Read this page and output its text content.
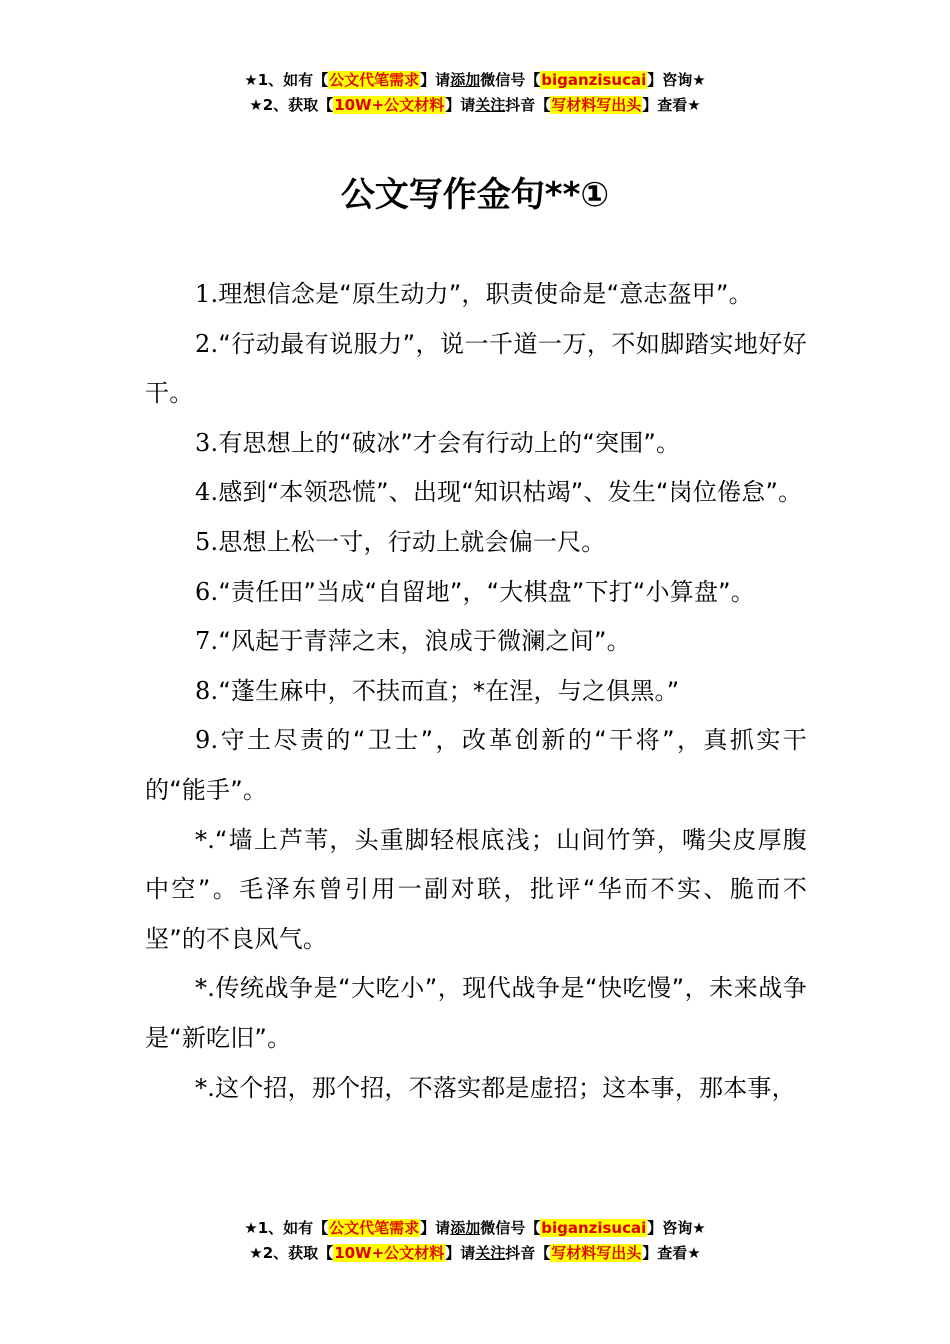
★1、如有【公文代笔需求】请添加微信号【biganzisucai】咨询★
★2、获取【10W+公文材料】请关注抖音【写材料写出头】查看★
公文写作金句**①

1.理想信念是“原生动力”，职责使命是“意志盔甲”。

2.“行动最有说服力”，说一千道一万，不如脚踏实地好好干。

3.有思想上的“破冰”才会有行动上的“突围”。

4.感到“本领恐慌”、出现“知识枯竭”、发生“岗位倦怠”。

5.思想上松一寸，行动上就会偏一尺。

6.“责任田”当成“自留地”，“大棋盘”下打“小算盘”。

7.“风起于青萍之末，浪成于微澜之间”。

8.“蓬生麻中，不扶而直；*在涅，与之俱黑。”

9.守土尽责的“卫士”，改革创新的“干将”，真抓实干的“能手”。

*.“墙上芦苇，头重脚轻根底浅；山间竹笋，嘴尖皮厚腹中空”。毛泽东曾引用一副对联，批评“华而不实、脆而不坚”的不良风气。

*.传统战争是“大吃小”，现代战争是“快吃慢”，未来战争是“新吃旧”。

*.这个招，那个招，不落实都是虚招；这本事，那本事，

★1、如有【公文代笔需求】请添加微信号【biganzisucai】咨询★
★2、获取【10W+公文材料】请关注抖音【写材料写出头】查看★
